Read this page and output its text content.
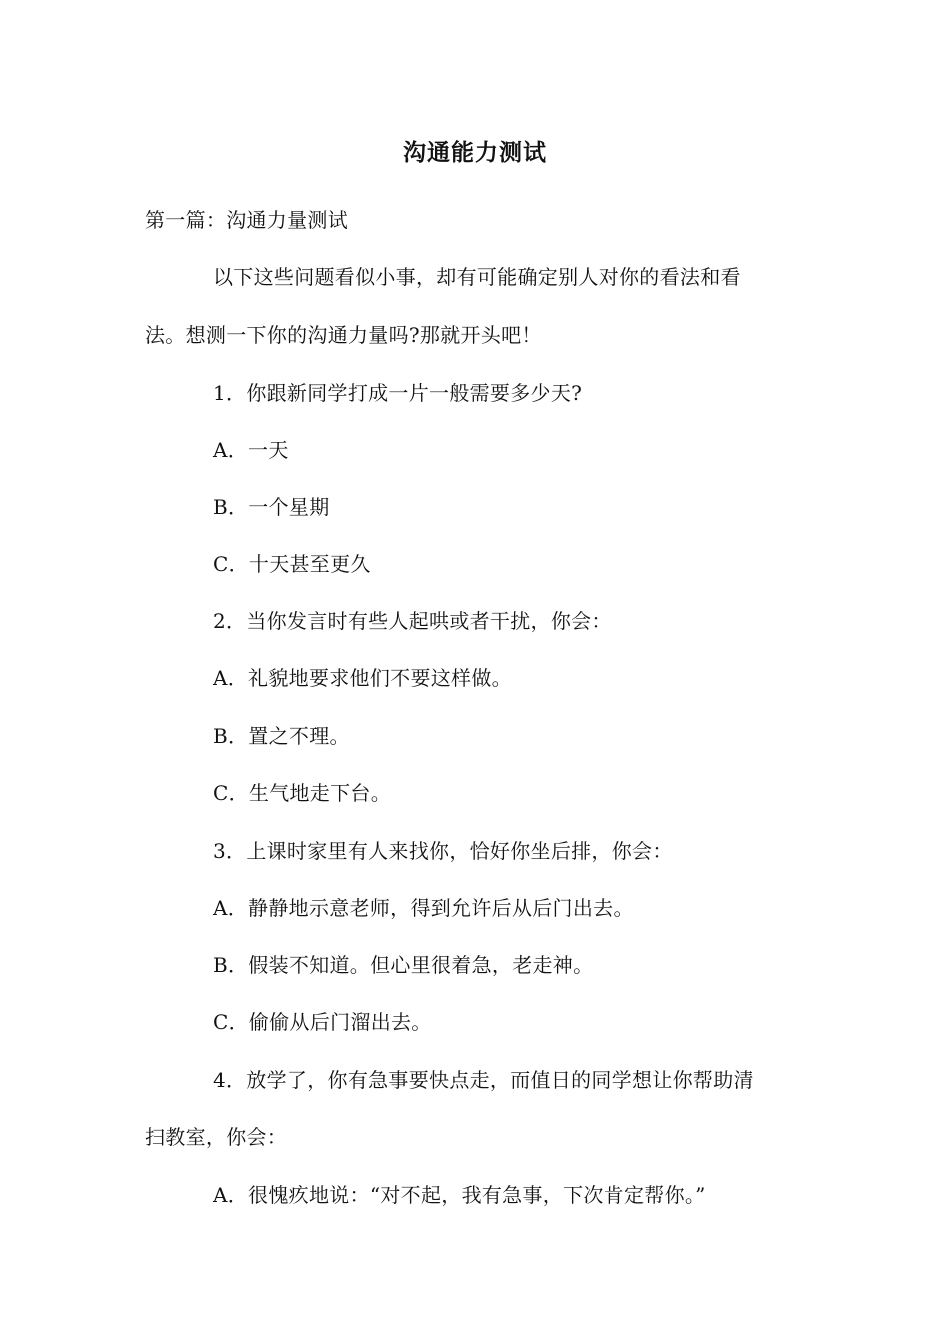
沟通能力测试
第一篇：沟通力量测试
以下这些问题看似小事，却有可能确定别人对你的看法和看
法。想测一下你的沟通力量吗?那就开头吧！
1．你跟新同学打成一片一般需要多少天?
A．一天
B．一个星期
C．十天甚至更久
2．当你发言时有些人起哄或者干扰，你会：
A．礼貌地要求他们不要这样做。
B．置之不理。
C．生气地走下台。
3．上课时家里有人来找你，恰好你坐后排，你会：
A．静静地示意老师，得到允许后从后门出去。
B．假装不知道。但心里很着急，老走神。
C．偷偷从后门溜出去。
4．放学了，你有急事要快点走，而值日的同学想让你帮助清
扫教室，你会：
A．很愧疚地说：“对不起，我有急事，下次肯定帮你。”
